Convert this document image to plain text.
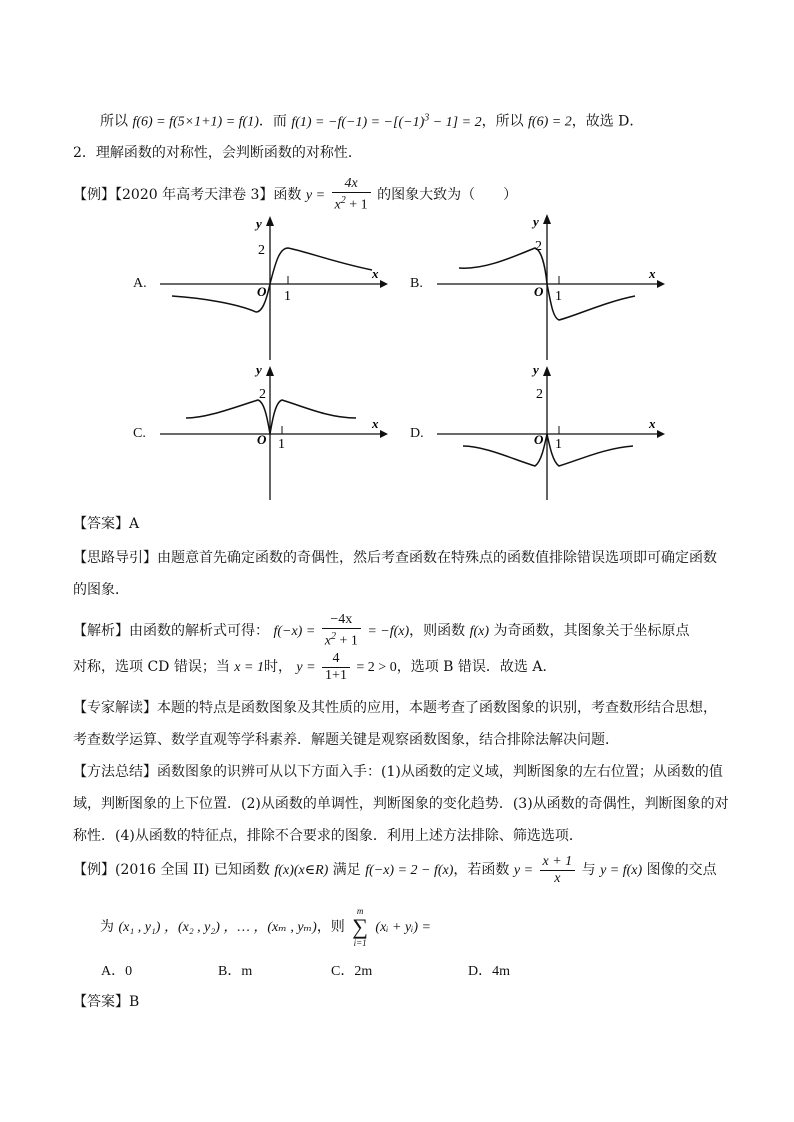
所以 f(6) = f(5×1+1) = f(1)．而 $f(1) = -f(-1) = -[(-1)^3 - 1] = 2$，所以 f(6) = 2，故选 D．
2．理解函数的对称性，会判断函数的对称性．
【例】【2020 年高考天津卷 3】函数 $y = \frac{4x}{x^2 + 1}$ 的图象大致为（　　）
A.
y
x
O 1
2
B.
y
x
O 1
2
C.
y
x
O 1
2
D.
y
x
O 1
2
【答案】A
【思路导引】由题意首先确定函数的奇偶性，然后考查函数在特殊点的函数值排除错误选项即可确定函数
的图象．
【解析】由函数的解析式可得： $f(-x) = \frac{-4x}{x^2 + 1} = -f(x)$，则函数 f(x) 为奇函数，其图象关于坐标原点
对称，选项 CD 错误；当 x = 1时， $y = \frac{4}{1+1} = 2 > 0$，选项 B 错误．故选 A．
【专家解读】本题的特点是函数图象及其性质的应用，本题考查了函数图象的识别，考查数形结合思想，
考查数学运算、数学直观等学科素养．解题关键是观察函数图象，结合排除法解决问题．
【方法总结】函数图象的识辨可从以下方面入手：(1)从函数的定义域，判断图象的左右位置；从函数的值
域，判断图象的上下位置．(2)从函数的单调性，判断图象的变化趋势．(3)从函数的奇偶性，判断图象的对
称性．(4)从函数的特征点，排除不合要求的图象．利用上述方法排除、筛选选项．
【例】(2016 全国 II) 已知函数 f(x)(x∈R) 满足 f(−x) = 2 − f(x)，若函数 $y = \frac{x + 1}{x}$ 与 y = f(x) 图像的交点
为 (x₁ , y₁) ，(x₂ , y₂) ，… ，(xₘ , yₘ)，则
m
∑
i=1
(xᵢ + yᵢ) =
A．0	B．m	C．2m	D．4m
【答案】B
